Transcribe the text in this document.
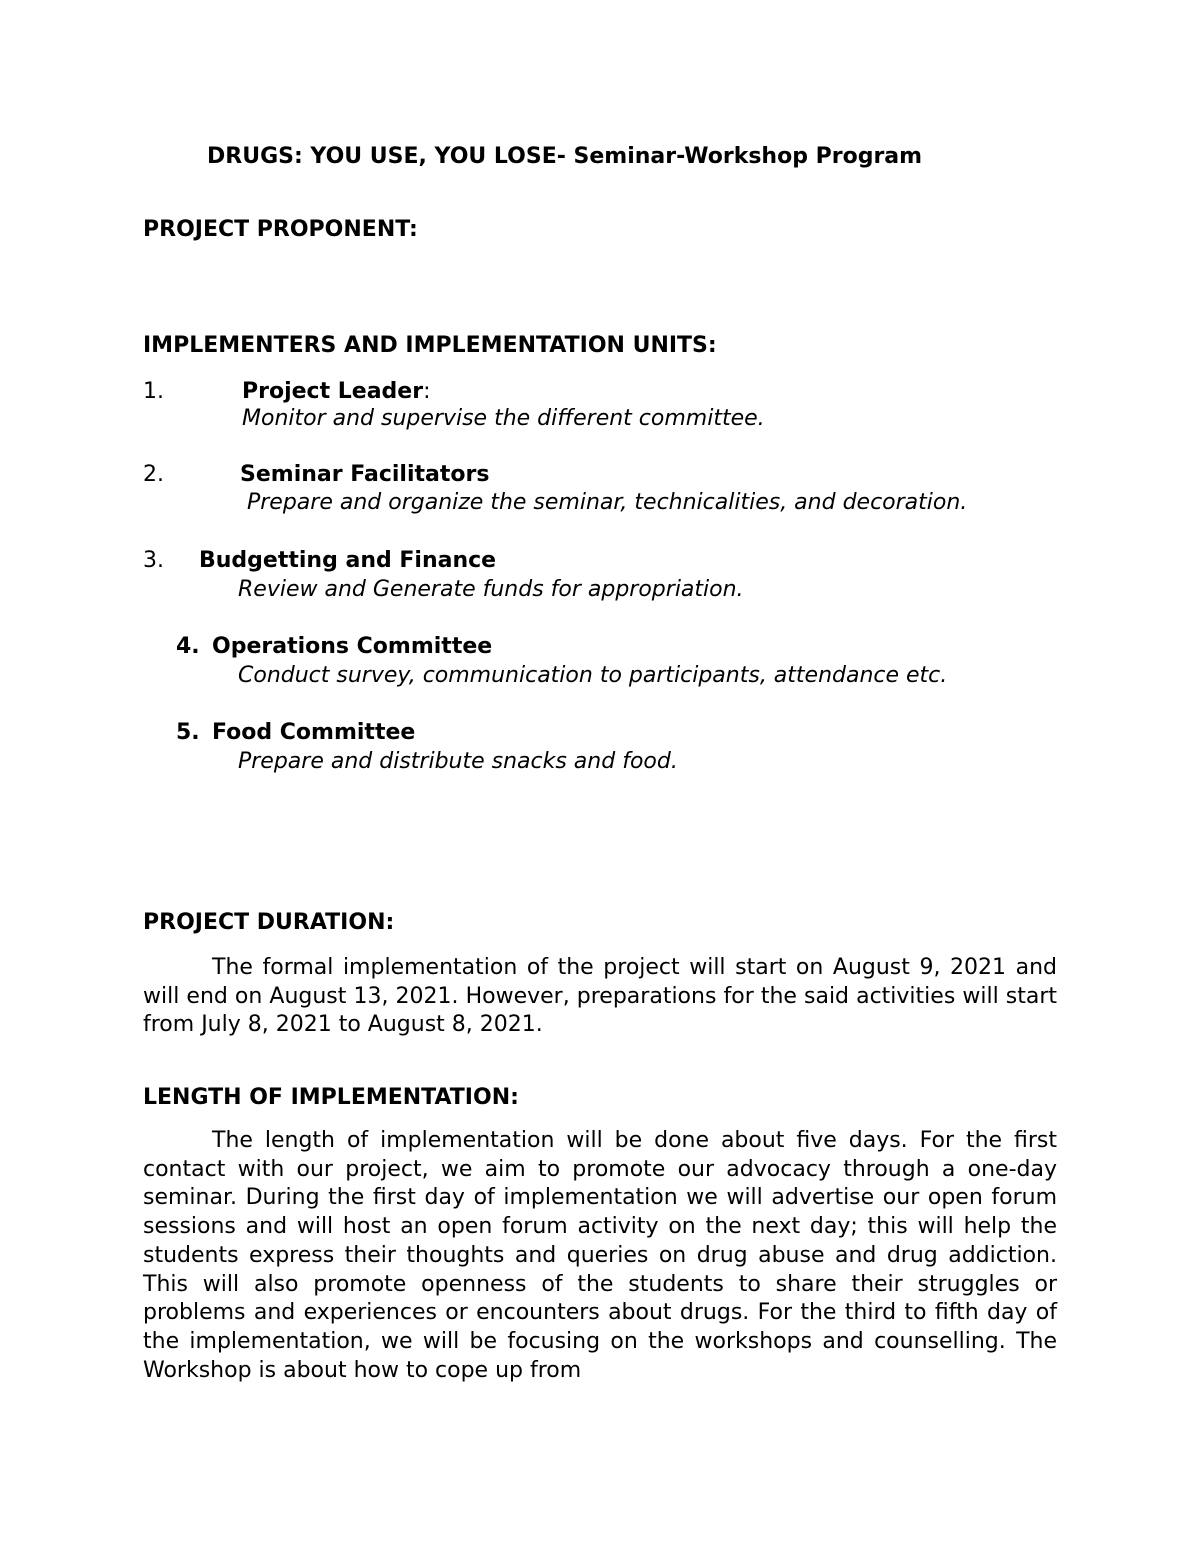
DRUGS: YOU USE, YOU LOSE- Seminar-Workshop Program
PROJECT PROPONENT:
IMPLEMENTERS AND IMPLEMENTATION UNITS:
1.	Project Leader:
Monitor and supervise the different committee.
2.	Seminar Facilitators
Prepare and organize the seminar, technicalities, and decoration.
3. Budgetting and Finance
Review and Generate funds for appropriation.
4. Operations Committee
Conduct survey, communication to participants, attendance etc.
5. Food Committee
Prepare and distribute snacks and food.
PROJECT DURATION:

The formal implementation of the project will start on August 9, 2021 and will end on August 13, 2021. However, preparations for the said activities will start from July 8, 2021 to August 8, 2021.

LENGTH OF IMPLEMENTATION:

The length of implementation will be done about five days. For the first contact with our project, we aim to promote our advocacy through a one-day seminar. During the first day of implementation we will advertise our open forum sessions and will host an open forum activity on the next day; this will help the students express their thoughts and queries on drug abuse and drug addiction. This will also promote openness of the students to share their struggles or problems and experiences or encounters about drugs. For the third to fifth day of the implementation, we will be focusing on the workshops and counselling. The Workshop is about how to cope up from
